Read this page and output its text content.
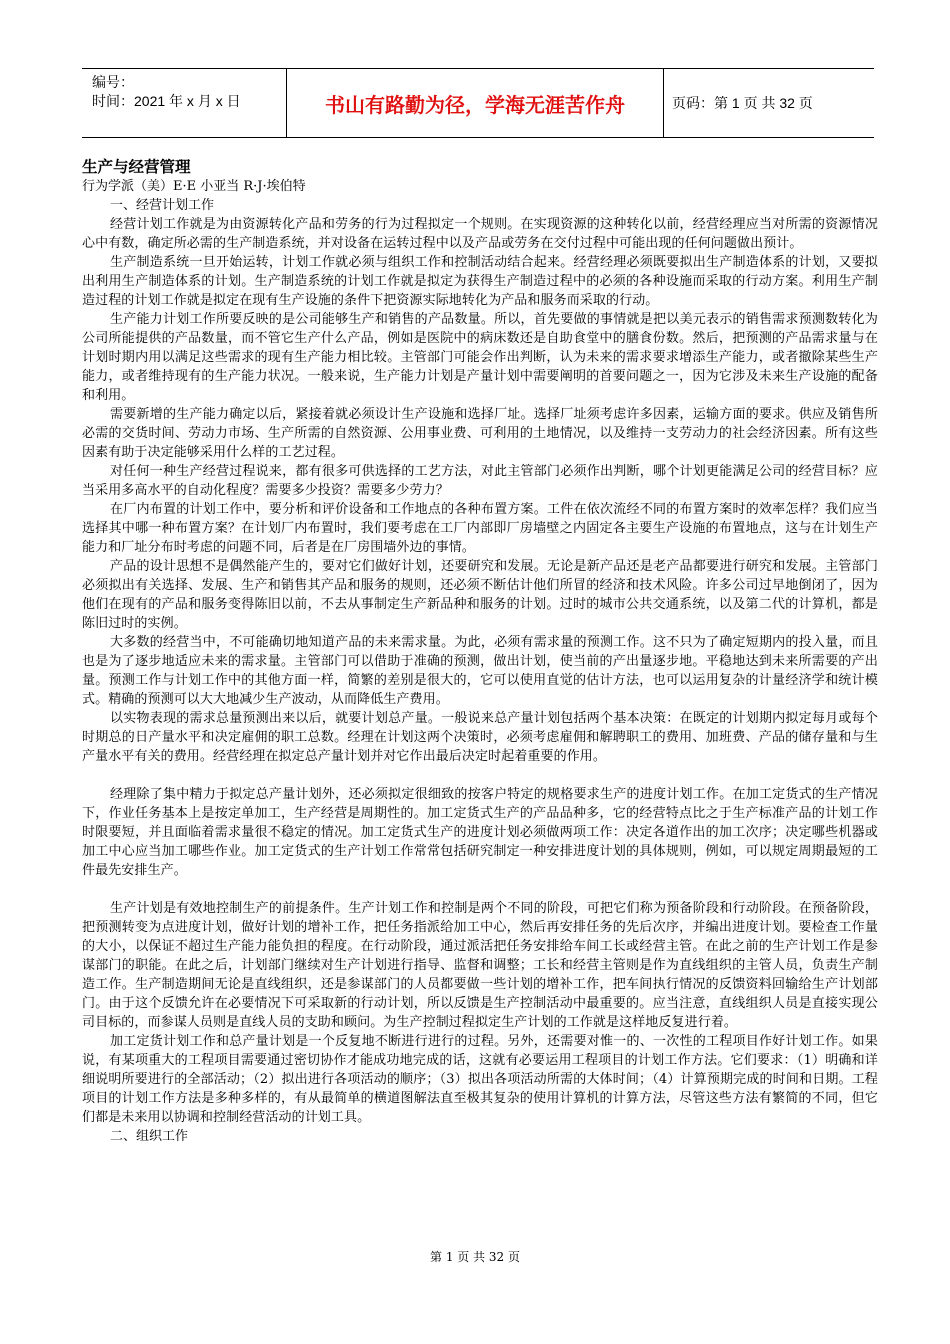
编号：
时间：2021 年 x 月 x 日	书山有路勤为径，学海无涯苦作舟	页码：第 1 页 共 32 页
生产与经营管理
行为学派（美）E·E 小亚当 R·J·埃伯特
一、经营计划工作

经营计划工作就是为由资源转化产品和劳务的行为过程拟定一个规则。在实现资源的这种转化以前，经营经理应当对所需的资源情况心中有数，确定所必需的生产制造系统，并对设备在运转过程中以及产品或劳务在交付过程中可能出现的任何问题做出预计。

生产制造系统一旦开始运转，计划工作就必须与组织工作和控制活动结合起来。经营经理必须既要拟出生产制造体系的计划，又要拟出利用生产制造体系的计划。生产制造系统的计划工作就是拟定为获得生产制造过程中的必须的各种设施而采取的行动方案。利用生产制造过程的计划工作就是拟定在现有生产设施的条件下把资源实际地转化为产品和服务而采取的行动。

生产能力计划工作所要反映的是公司能够生产和销售的产品数量。所以，首先要做的事情就是把以美元表示的销售需求预测数转化为公司所能提供的产品数量，而不管它生产什么产品，例如是医院中的病床数还是自助食堂中的膳食份数。然后，把预测的产品需求量与在计划时期内用以满足这些需求的现有生产能力相比较。主管部门可能会作出判断，认为未来的需求要求增添生产能力，或者撤除某些生产能力，或者维持现有的生产能力状况。一般来说，生产能力计划是产量计划中需要阐明的首要问题之一，因为它涉及未来生产设施的配备和利用。

需要新增的生产能力确定以后，紧接着就必须设计生产设施和选择厂址。选择厂址须考虑许多因素，运输方面的要求。供应及销售所必需的交货时间、劳动力市场、生产所需的自然资源、公用事业费、可利用的土地情况，以及维持一支劳动力的社会经济因素。所有这些因素有助于决定能够采用什么样的工艺过程。

对任何一种生产经营过程说来，都有很多可供选择的工艺方法，对此主管部门必须作出判断，哪个计划更能满足公司的经营目标？应当采用多高水平的自动化程度？需要多少投资？需要多少劳力？

在厂内布置的计划工作中，要分析和评价设备和工作地点的各种布置方案。工件在依次流经不同的布置方案时的效率怎样？我们应当选择其中哪一种布置方案？在计划厂内布置时，我们要考虑在工厂内部即厂房墙壁之内固定各主要生产设施的布置地点，这与在计划生产能力和厂址分布时考虑的问题不同，后者是在厂房围墙外边的事情。

产品的设计思想不是偶然能产生的，要对它们做好计划，还要研究和发展。无论是新产品还是老产品都要进行研究和发展。主管部门必须拟出有关选择、发展、生产和销售其产品和服务的规则，还必须不断估计他们所冒的经济和技术风险。许多公司过早地倒闭了，因为他们在现有的产品和服务变得陈旧以前，不去从事制定生产新品种和服务的计划。过时的城市公共交通系统，以及第二代的计算机，都是陈旧过时的实例。

大多数的经营当中，不可能确切地知道产品的未来需求量。为此，必须有需求量的预测工作。这不只为了确定短期内的投入量，而且也是为了逐步地适应未来的需求量。主管部门可以借助于准确的预测，做出计划，使当前的产出量逐步地。平稳地达到未来所需要的产出量。预测工作与计划工作中的其他方面一样，简繁的差别是很大的，它可以使用直觉的估计方法，也可以运用复杂的计量经济学和统计模式。精确的预测可以大大地减少生产波动，从而降低生产费用。

以实物表现的需求总量预测出来以后，就要计划总产量。一般说来总产量计划包括两个基本决策：在既定的计划期内拟定每月或每个时期总的日产量水平和决定雇佣的职工总数。经理在计划这两个决策时，必须考虑雇佣和解聘职工的费用、加班费、产品的储存量和与生产量水平有关的费用。经营经理在拟定总产量计划并对它作出最后决定时起着重要的作用。

经理除了集中精力于拟定总产量计划外，还必须拟定很细致的按客户特定的规格要求生产的进度计划工作。在加工定货式的生产情况下，作业任务基本上是按定单加工，生产经营是周期性的。加工定货式生产的产品品种多，它的经营特点比之于生产标准产品的计划工作时限要短，并且面临着需求量很不稳定的情况。加工定货式生产的进度计划必须做两项工作：决定各道作出的加工次序；决定哪些机器或加工中心应当加工哪些作业。加工定货式的生产计划工作常常包括研究制定一种安排进度计划的具体规则，例如，可以规定周期最短的工件最先安排生产。

生产计划是有效地控制生产的前提条件。生产计划工作和控制是两个不同的阶段，可把它们称为预备阶段和行动阶段。在预备阶段，把预测转变为点进度计划，做好计划的增补工作，把任务指派给加工中心，然后再安排任务的先后次序，并编出进度计划。要检查工作量的大小，以保证不超过生产能力能负担的程度。在行动阶段，通过派活把任务安排给车间工长或经营主管。在此之前的生产计划工作是参谋部门的职能。在此之后，计划部门继续对生产计划进行指导、监督和调整；工长和经营主管则是作为直线组织的主管人员，负责生产制造工作。生产制造期间无论是直线组织，还是参谋部门的人员都要做一些计划的增补工作，把车间执行情况的反馈资料回输给生产计划部门。由于这个反馈允许在必要情况下可采取新的行动计划，所以反馈是生产控制活动中最重要的。应当注意，直线组织人员是直接实现公司目标的，而参谋人员则是直线人员的支助和顾问。为生产控制过程拟定生产计划的工作就是这样地反复进行着。

加工定货计划工作和总产量计划是一个反复地不断进行进行的过程。另外，还需要对惟一的、一次性的工程项目作好计划工作。如果说，有某项重大的工程项目需要通过密切协作才能成功地完成的话，这就有必要运用工程项目的计划工作方法。它们要求：（1）明确和详细说明所要进行的全部活动；（2）拟出进行各项活动的顺序；（3）拟出各项活动所需的大体时间；（4）计算预期完成的时间和日期。工程项目的计划工作方法是多种多样的，有从最简单的横道图解法直至极其复杂的使用计算机的计算方法，尽管这些方法有繁简的不同，但它们都是未来用以协调和控制经营活动的计划工具。

二、组织工作
第 1 页 共 32 页
